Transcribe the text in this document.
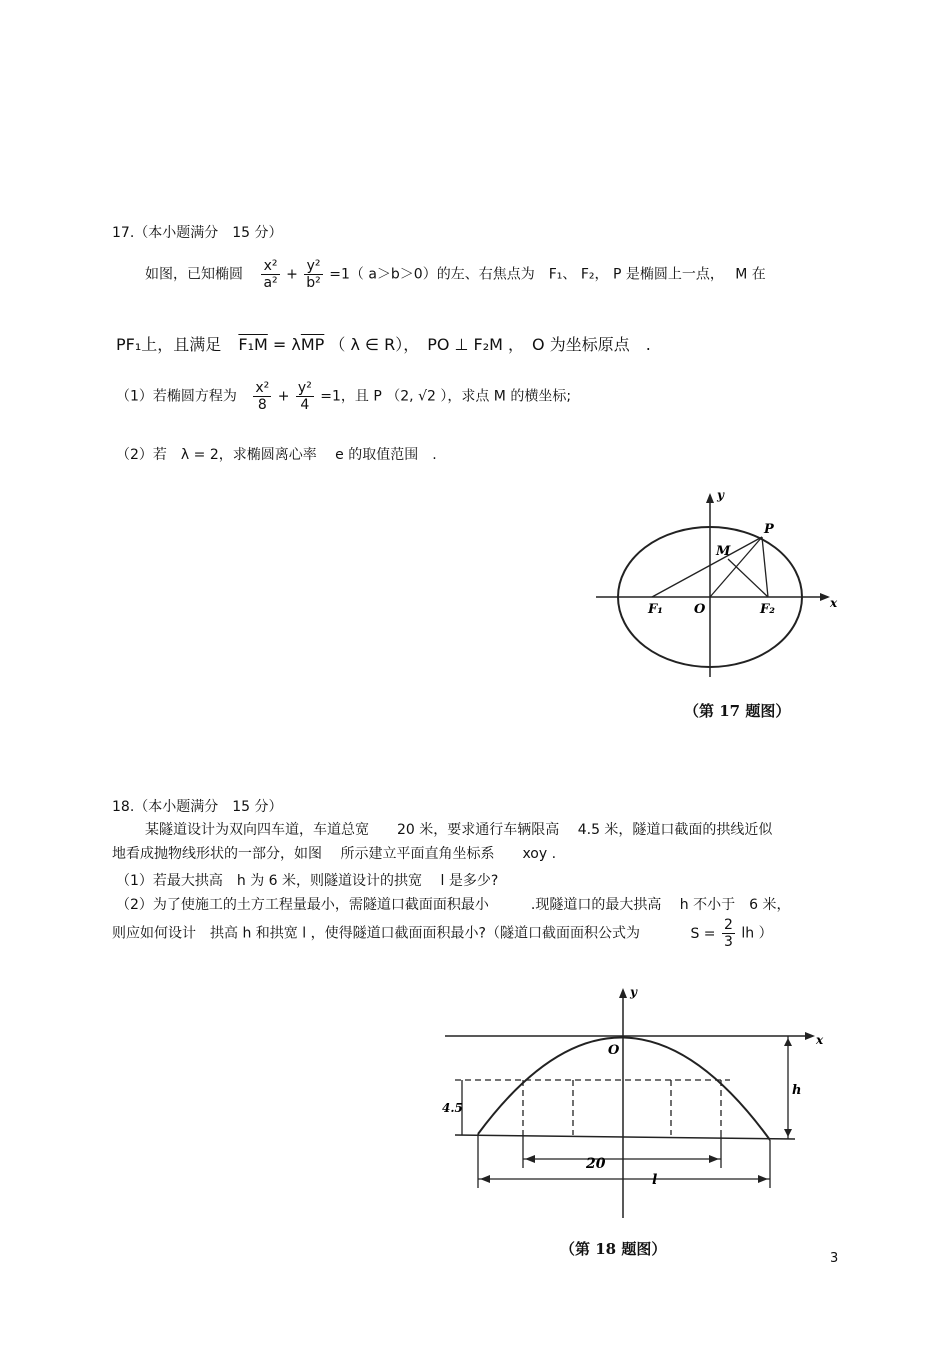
17.（本小题满分　15 分）
如图，已知椭圆 $\frac{\text{x²}}{\text{a²}} + \frac{\text{y²}}{\text{b²}} =1$（ a＞b＞0）的左、右焦点为　F₁、 F₂， P 是椭圆上一点，　 M 在
PF₁上，且满足 $F_1M = \lambda\overline{MP}$ （ λ ∈ R），　PO ⊥ F₂M ，　O 为坐标原点　.
（1）若椭圆方程为 $\frac{\text{x²}}{8} + \frac{\text{y²}}{4} =1$，且 P （2, √2 ），求点 M 的横坐标;
（2）若　λ = 2，求椭圆离心率　 e 的取值范围　.
y
x
P
M
O
F₁	F₂
（第 17 题图）
18.（本小题满分　15 分）
某隧道设计为双向四车道，车道总宽　　20 米，要求通行车辆限高　 4.5 米，隧道口截面的拱线近似
地看成抛物线形状的一部分，如图　 所示建立平面直角坐标系　　xoy .
（1）若最大拱高　h 为 6 米，则隧道设计的拱宽　 l 是多少?
（2）为了使施工的土方工程量最小，需隧道口截面面积最小　　　.现隧道口的最大拱高　 h 不小于　6 米，
则应如何设计　拱高 h 和拱宽 l ，使得隧道口截面面积最小?（隧道口截面面积公式为	$S = \frac{2}{3}$ lh ）
y
x
O
h
4.5
20
l
（第 18 题图）
3
